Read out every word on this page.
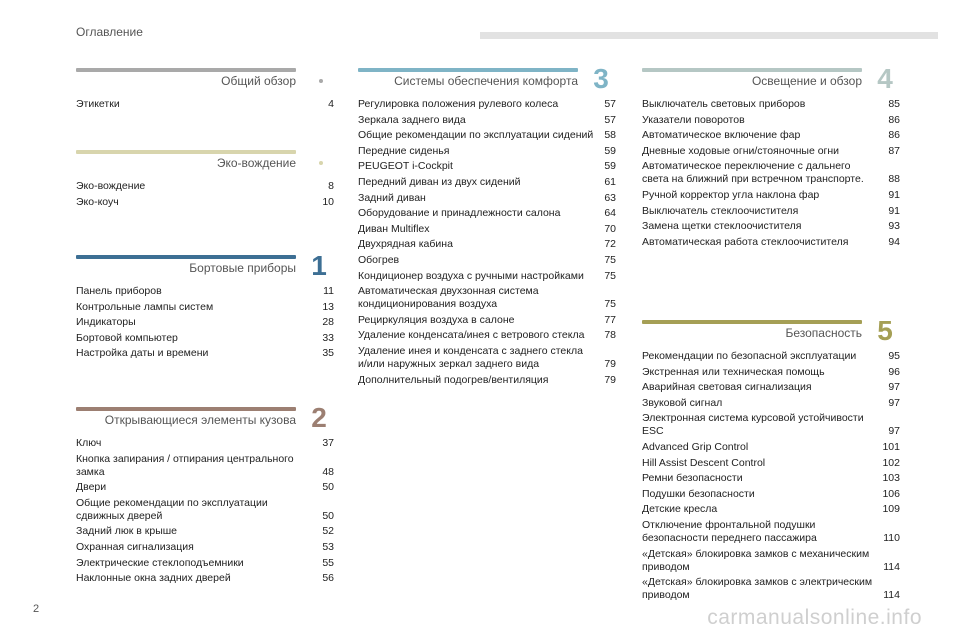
Оглавление
Общий обзор
Этикетки	4
Эко-вождение
Эко-вождение	8
Эко-коуч	10
Бортовые приборы 1
Панель приборов	11
Контрольные лампы систем	13
Индикаторы	28
Бортовой компьютер	33
Настройка даты и времени	35
Открывающиеся элементы кузова 2
Ключ	37
Кнопка запирания / отпирания центрального замка	48
Двери	50
Общие рекомендации по эксплуатации сдвижных дверей	50
Задний люк в крыше	52
Охранная сигнализация	53
Электрические стеклоподъемники	55
Наклонные окна задних дверей	56
Системы обеспечения комфорта 3
Регулировка положения рулевого колеса	57
Зеркала заднего вида	57
Общие рекомендации по эксплуатации сидений	58
Передние сиденья	59
PEUGEOT i-Cockpit	59
Передний диван из двух сидений	61
Задний диван	63
Оборудование и принадлежности салона	64
Диван Multiflex	70
Двухрядная кабина	72
Обогрев	75
Кондиционер воздуха с ручными настройками	75
Автоматическая двухзонная система кондиционирования воздуха	75
Рециркуляция воздуха в салоне	77
Удаление конденсата/инея с ветрового стекла	78
Удаление инея и конденсата с заднего стекла и/или наружных зеркал заднего вида	79
Дополнительный подогрев/вентиляция	79
Освещение и обзор 4
Выключатель световых приборов	85
Указатели поворотов	86
Автоматическое включение фар	86
Дневные ходовые огни/стояночные огни	87
Автоматическое переключение с дальнего света на ближний при встречном транспорте.	88
Ручной корректор угла наклона фар	91
Выключатель стеклоочистителя	91
Замена щетки стеклоочистителя	93
Автоматическая работа стеклоочистителя	94
Безопасность 5
Рекомендации по безопасной эксплуатации	95
Экстренная или техническая помощь	96
Аварийная световая сигнализация	97
Звуковой сигнал	97
Электронная система курсовой устойчивости ESC	97
Advanced Grip Control	101
Hill Assist Descent Control	102
Ремни безопасности	103
Подушки безопасности	106
Детские кресла	109
Отключение фронтальной подушки безопасности переднего пассажира	110
«Детская» блокировка замков с механическим приводом	114
«Детская» блокировка замков с электрическим приводом	114
2	carmanualsonline.info
